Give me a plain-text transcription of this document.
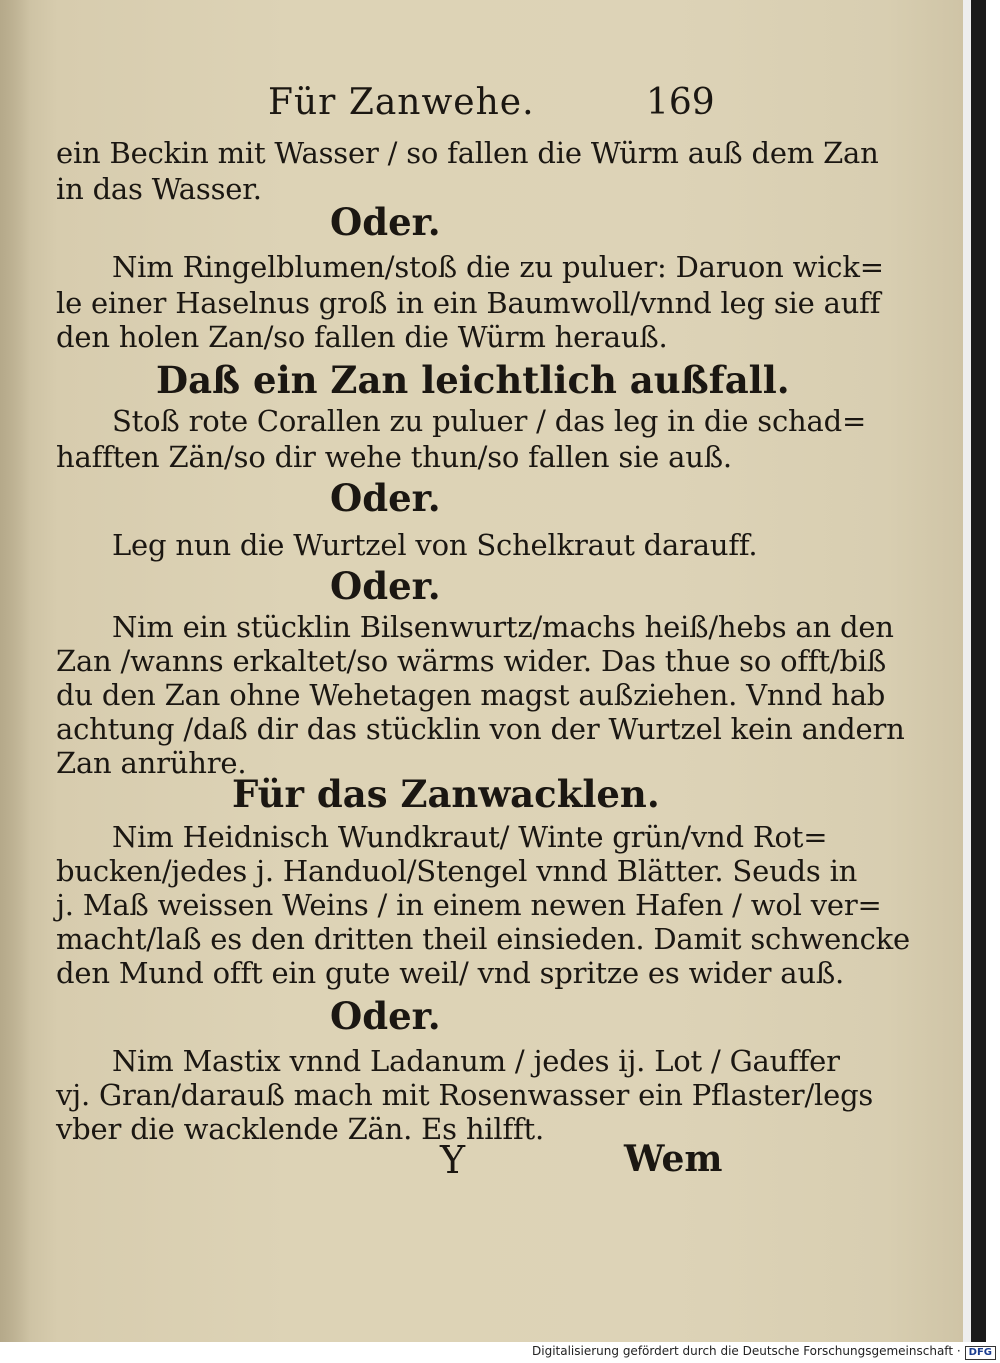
Für Zanwehe.	169
ein Beckin mit Wasser / so fallen die Würm auß dem Zan
in das Wasser.
Oder.
Nim Ringelblumen/stoß die zu puluer: Daruon wick=
le einer Haselnus groß in ein Baumwoll/vnnd leg sie auff
den holen Zan/so fallen die Würm herauß.
Daß ein Zan leichtlich außfall.
Stoß rote Corallen zu puluer / das leg in die schad=
hafften Zän/so dir wehe thun/so fallen sie auß.
Oder.
Leg nun die Wurtzel von Schelkraut darauff.
Oder.
Nim ein stücklin Bilsenwurtz/machs heiß/hebs an den
Zan /wanns erkaltet/so wärms wider. Das thue so offt/biß
du den Zan ohne Wehetagen magst außziehen. Vnnd hab
achtung /daß dir das stücklin von der Wurtzel kein andern
Zan anrühre.
Für das Zanwacklen.
Nim Heidnisch Wundkraut/ Winte grün/vnd Rot=
bucken/jedes j. Handuol/Stengel vnnd Blätter. Seuds in
j. Maß weissen Weins / in einem newen Hafen / wol ver=
macht/laß es den dritten theil einsieden. Damit schwencke
den Mund offt ein gute weil/ vnd spritze es wider auß.
Oder.
Nim Mastix vnnd Ladanum / jedes ij. Lot / Gauffer
vj. Gran/darauß mach mit Rosenwasser ein Pflaster/legs
vber die wacklende Zän. Es hilfft.
Y	Wem
Digitalisierung gefördert durch die Deutsche Forschungsgemeinschaft · DFG
